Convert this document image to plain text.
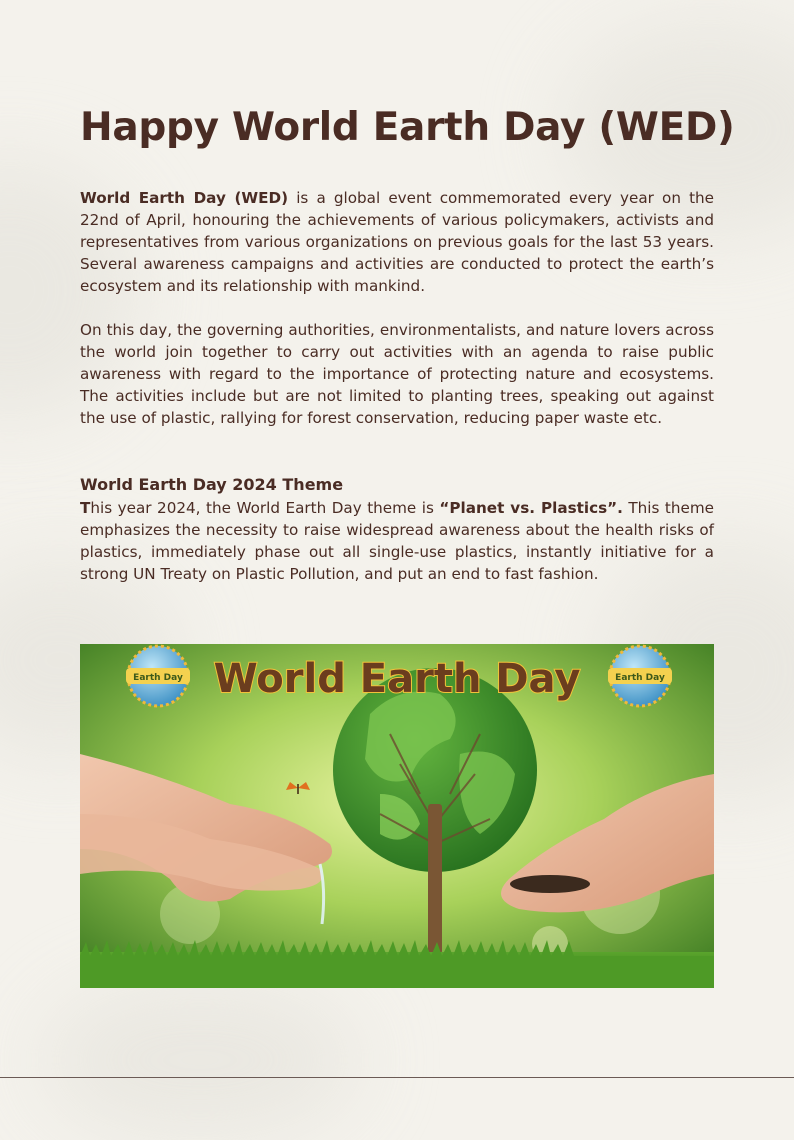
Happy World Earth Day (WED)

World Earth Day (WED) is a global event commemorated every year on the 22nd of April, honouring the achievements of various policymakers, activists and representatives from various organizations on previous goals for the last 53 years. Several awareness campaigns and activities are conducted to protect the earth’s ecosystem and its relationship with mankind.

On this day, the governing authorities, environmentalists, and nature lovers across the world join together to carry out activities with an agenda to raise public awareness with regard to the importance of protecting nature and ecosystems. The activities include but are not limited to planting trees, speaking out against the use of plastic, rallying for forest conservation, reducing paper waste etc.

World Earth Day 2024 Theme

This year 2024, the World Earth Day theme is “Planet vs. Plastics”. This theme emphasizes the necessity to raise widespread awareness about the health risks of plastics, immediately phase out all single-use plastics, instantly initiative for a strong UN Treaty on Plastic Pollution, and put an end to fast fashion.

World Earth Day
Earth Day	Earth Day
